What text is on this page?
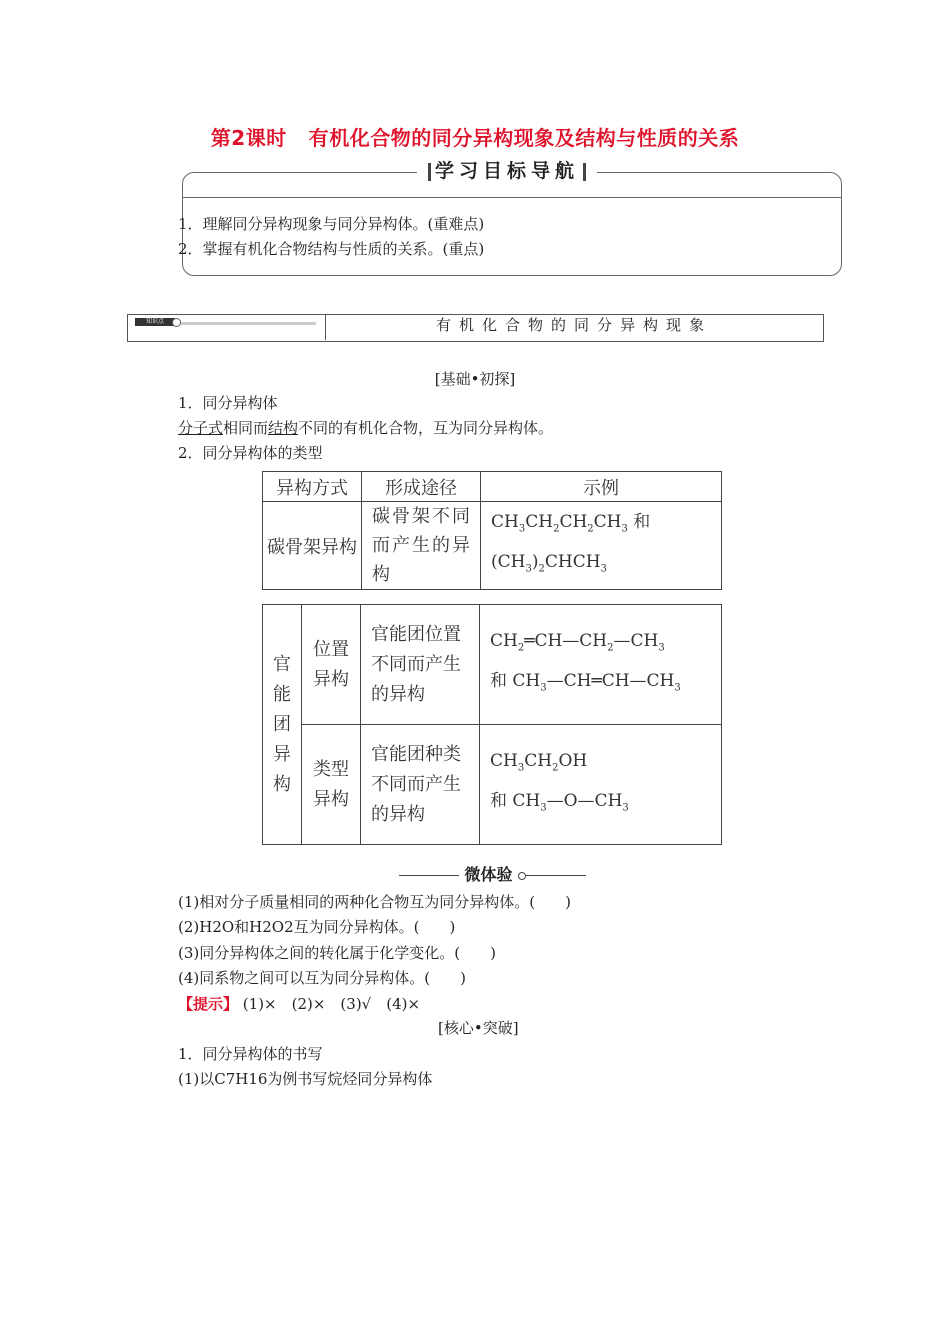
第2课时 有机化合物的同分异构现象及结构与性质的关系
学习目标导航
1．理解同分异构现象与同分异构体。(重难点)
2．掌握有机化合物结构与性质的关系。(重点)
知识点	有机化合物的同分异构现象
[基础•初探]
1．同分异构体
分子式相同而结构不同的有机化合物，互为同分异构体。
2．同分异构体的类型
异构方式	形成途径	示例
碳骨架异构	碳骨架不同而产生的异构	$CH_3CH_2CH_2CH_3$ 和
$(CH_3)_2CHCH_3$
官能团异构	位置异构	官能团位置不同而产生的异构	$CH_2═CH—CH_2—CH_3$
和 $CH_3—CH═CH—CH_3$
	类型异构	官能团种类不同而产生的异构	$CH_3CH_2OH$
和 $CH_3—O—CH_3$
微体验
(1)相对分子质量相同的两种化合物互为同分异构体。(　　)
(2)H2O和H2O2互为同分异构体。(　　)
(3)同分异构体之间的转化属于化学变化。(　　)
(4)同系物之间可以互为同分异构体。(　　)
【提示】 (1)×　(2)×　(3)√　(4)×
[核心•突破]
1．同分异构体的书写
(1)以C7H16为例书写烷烃同分异构体
